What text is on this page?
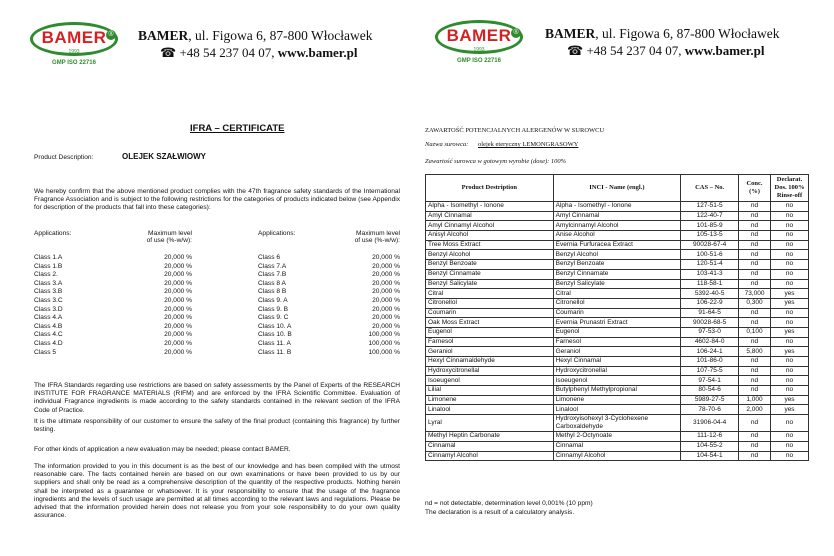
BAMER ®
1993
GMP ISO 22716
BAMER, ul. Figowa 6, 87-800 Włocławek
☎ +48 54 237 04 07, www.bamer.pl
IFRA – CERTIFICATE
Product Description:	OLEJEK SZAŁWIOWY
We hereby confirm that the above mentioned product complies with the 47th fragrance safety standards of the International Fragrance Association and is subject to the following restrictions for the categories of products indicated below (see Appendix for description of the products that fall into these categories):
Applications:	Maximum level
of use (%-w/w):
Applications:	Maximum level
of use (%-w/w):
Class 1.A	20,000 %
Class 1.B	20,000 %
Class 2.	20,000 %
Class 3.A	20,000 %
Class 3.B	20,000 %
Class 3.C	20,000 %
Class 3.D	20,000 %
Class 4.A	20,000 %
Class 4.B	20,000 %
Class 4.C	20,000 %
Class 4.D	20,000 %
Class 5	20,000 %
Class 6	20,000 %
Class 7.A	20,000 %
Class 7.B	20,000 %
Class 8 A	20,000 %
Class 8 B	20,000 %
Class 9. A	20,000 %
Class 9. B	20,000 %
Class 9. C	20,000 %
Class 10. A	20,000 %
Class 10. B	100,000 %
Class 11. A	100,000 %
Class 11. B	100,000 %
The IFRA Standards regarding use restrictions are based on safety assessments by the Panel of Experts of the RESEARCH INSTITUTE FOR FRAGRANCE MATERIALS (RIFM) and are enforced by the IFRA Scientific Committee. Evaluation of individual Fragrance ingredients is made according to the safety standards contained in the relevant section of the IFRA Code of Practice.
It is the ultimate responsibility of our customer to ensure the safety of the final product (containing this fragrance) by further testing.
For other kinds of application a new evaluation may be needed; please contact BAMER.
The information provided to you in this document is as the best of our knowledge and has been compiled with the utmost reasonable care. The facts contained herein are based on our own examinations or have been provided to us by our suppliers and shall only be read as a comprehensive description of the quantity of the respective products. Nothing herein shall be interpreted as a guarantee or whatsoever. It is your responsibility to ensure that the usage of the fragrance ingredients and the levels of such usage are permitted at all times according to the relevant laws and regulations. Please be advised that the information provided herein does not release you from your sole responsibility to do your own quality assurance.
BAMER ®
1993
GMP ISO 22716
BAMER, ul. Figowa 6, 87-800 Włocławek
☎ +48 54 237 04 07, www.bamer.pl
ZAWARTOŚĆ POTENCJALNYCH ALERGENÓW W SUROWCU
Nazwa surowca: olejek eteryczny LEMONGRASOWY
Zawartość surowca w gotowym wyrobie (dose): 100%
Product Destription	INCI - Name (engl.)	CAS – No.	Conc. (%)	Declarat. Dos. 100% Rinse-off
Alpha - Isomethyl - Ionone	Alpha - Isomethyl - Ionone	127-51-5	nd	no
Amyl Cinnamal	Amyl Cinnamal	122-40-7	nd	no
Amyl Cinnamyl Alcohol	Amylcinnamyl Alcohol	101-85-9	nd	no
Anisyl Alcohol	Anise Alcohol	105-13-5	nd	no
Tree Moss Extract	Evernia Furfuracea Extract	90028-67-4	nd	no
Benzyl Alcohol	Benzyl Alcohol	100-51-6	nd	no
Benzyl Benzoate	Benzyl Benzoate	120-51-4	nd	no
Benzyl Cinnamate	Benzyl Cinnamate	103-41-3	nd	no
Benzyl Salicylate	Benzyl Salicylate	118-58-1	nd	no
Citral	Citral	5392-40-5	73,000	yes
Citronellol	Citronellol	106-22-9	0,300	yes
Coumarin	Coumarin	91-64-5	nd	no
Oak Moss Extract	Evernia Prunastri Extract	90028-68-5	nd	no
Eugenol	Eugenol	97-53-0	0,100	yes
Farnesol	Farnesol	4602-84-0	nd	no
Geraniol	Geraniol	106-24-1	5,800	yes
Hexyl Cinnamaldehyde	Hexyl Cinnamal	101-86-0	nd	no
Hydroxycitronellal	Hydroxycitronellal	107-75-5	nd	no
Isoeugenol	Isoeugenol	97-54-1	nd	no
Lilial	Butylphenyl Methylpropional	80-54-6	nd	no
Limonene	Limonene	5989-27-5	1,000	yes
Linalool	Linalool	78-70-6	2,000	yes
Lyral	Hydroxyisohexyl 3-Cyclohexene Carboxaldehyde	31906-04-4	nd	no
Methyl Heptin Carbonate	Methyl 2-Octynoate	111-12-6	nd	no
Cinnamal	Cinnamal	104-55-2	nd	no
Cinnamyl Alcohol	Cinnamyl Alcohol	104-54-1	nd	no
nd = not detectable, determination level 0,001% (10 ppm)
The declaration is a result of a calculatory analysis.
